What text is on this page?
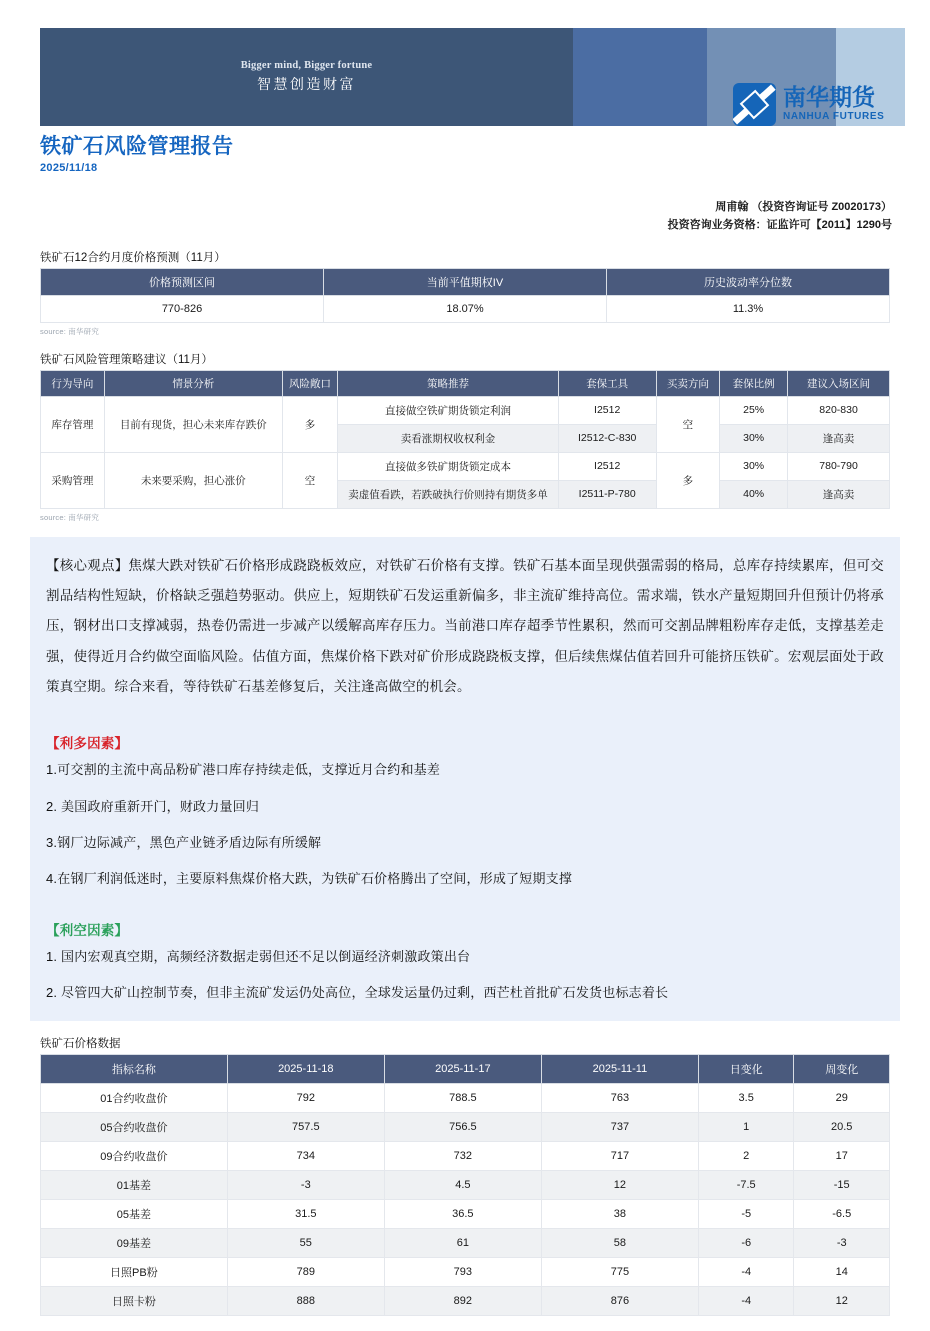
Bigger mind, Bigger fortune
智慧创造财富
南华期货
NANHUA FUTURES
铁矿石风险管理报告
2025/11/18
周甫翰 （投资咨询证号 Z0020173）
投资咨询业务资格：证监许可【2011】1290号
铁矿石12合约月度价格预测（11月）
价格预测区间	当前平值期权IV	历史波动率分位数
770-826	18.07%	11.3%
source: 南华研究
铁矿石风险管理策略建议（11月）
行为导向	情景分析	风险敞口	策略推荐	套保工具	买卖方向	套保比例	建议入场区间
库存管理	目前有现货，担心未来库存跌价	多	直接做空铁矿期货锁定利润	I2512	空	25%	820-830
			卖看涨期权收权利金	I2512-C-830		30%	逢高卖
采购管理	未来要采购，担心涨价	空	直接做多铁矿期货锁定成本	I2512	多	30%	780-790
			卖虚值看跌，若跌破执行价则持有期货多单	I2511-P-780		40%	逢高卖
source: 南华研究

【核心观点】焦煤大跌对铁矿石价格形成跷跷板效应，对铁矿石价格有支撑。铁矿石基本面呈现供强需弱的格局，总库存持续累库，但可交割品结构性短缺，价格缺乏强趋势驱动。供应上，短期铁矿石发运重新偏多，非主流矿维持高位。需求端，铁水产量短期回升但预计仍将承压，钢材出口支撑减弱，热卷仍需进一步减产以缓解高库存压力。当前港口库存超季节性累积，然而可交割品牌粗粉库存走低，支撑基差走强，使得近月合约做空面临风险。估值方面，焦煤价格下跌对矿价形成跷跷板支撑，但后续焦煤估值若回升可能挤压铁矿。宏观层面处于政策真空期。综合来看，等待铁矿石基差修复后，关注逢高做空的机会。

【利多因素】

1.可交割的主流中高品粉矿港口库存持续走低，支撑近月合约和基差

2. 美国政府重新开门，财政力量回归

3.钢厂边际减产，黑色产业链矛盾边际有所缓解

4.在钢厂利润低迷时，主要原料焦煤价格大跌，为铁矿石价格腾出了空间，形成了短期支撑

【利空因素】

1. 国内宏观真空期，高频经济数据走弱但还不足以倒逼经济刺激政策出台

2. 尽管四大矿山控制节奏，但非主流矿发运仍处高位，全球发运量仍过剩，西芒杜首批矿石发货也标志着长

铁矿石价格数据
指标名称	2025-11-18	2025-11-17	2025-11-11	日变化	周变化
01合约收盘价	792	788.5	763	3.5	29
05合约收盘价	757.5	756.5	737	1	20.5
09合约收盘价	734	732	717	2	17
01基差	-3	4.5	12	-7.5	-15
05基差	31.5	36.5	38	-5	-6.5
09基差	55	61	58	-6	-3
日照PB粉	789	793	775	-4	14
日照卡粉	888	892	876	-4	12
